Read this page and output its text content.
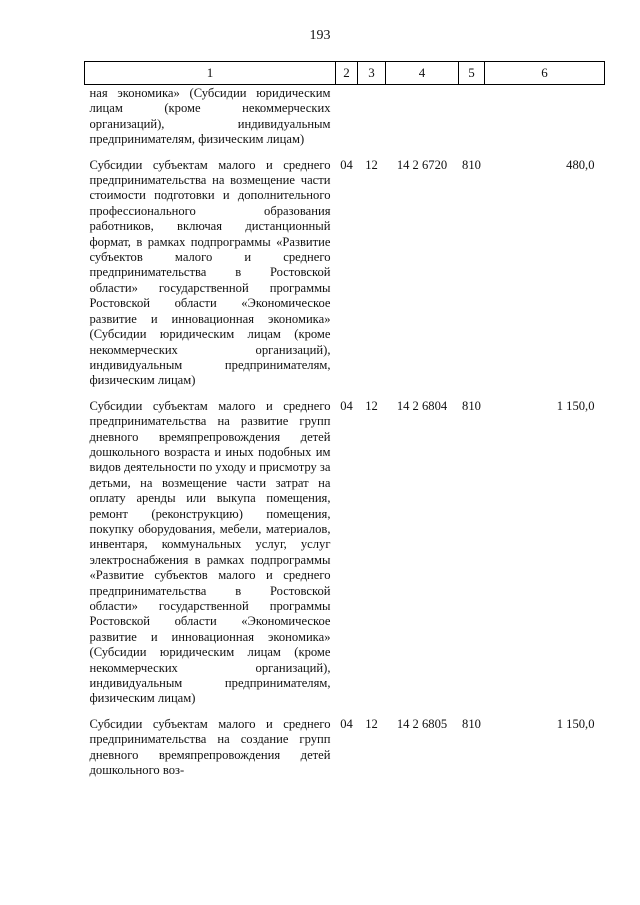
193
1	2	3	4	5	6
ная экономика» (Субсидии юридическим лицам (кроме некоммерческих организаций), индивидуальным предпринимателям, физическим лицам)					
Субсидии субъектам малого и среднего предпринимательства на возмещение части стоимости подготовки и дополнительного профессионального образования работников, включая дистанционный формат, в рамках подпрограммы «Развитие субъектов малого и среднего предпринимательства в Ростовской области» государственной программы Ростовской области «Экономическое развитие и инновационная экономика» (Субсидии юридическим лицам (кроме некоммерческих организаций), индивидуальным предпринимателям, физическим лицам)	04	12	14 2 6720	810	480,0
Субсидии субъектам малого и среднего предпринимательства на развитие групп дневного времяпрепровождения детей дошкольного возраста и иных подобных им видов деятельности по уходу и присмотру за детьми, на возмещение части затрат на оплату аренды или выкупа помещения, ремонт (реконструкцию) помещения, покупку оборудования, мебели, материалов, инвентаря, коммунальных услуг, услуг электроснабжения в рамках подпрограммы «Развитие субъектов малого и среднего предпринимательства в Ростовской области» государственной программы Ростовской области «Экономическое развитие и инновационная экономика» (Субсидии юридическим лицам (кроме некоммерческих организаций), индивидуальным предпринимателям, физическим лицам)	04	12	14 2 6804	810	1 150,0
Субсидии субъектам малого и среднего предпринимательства на создание групп дневного времяпрепровождения детей дошкольного воз-	04	12	14 2 6805	810	1 150,0
